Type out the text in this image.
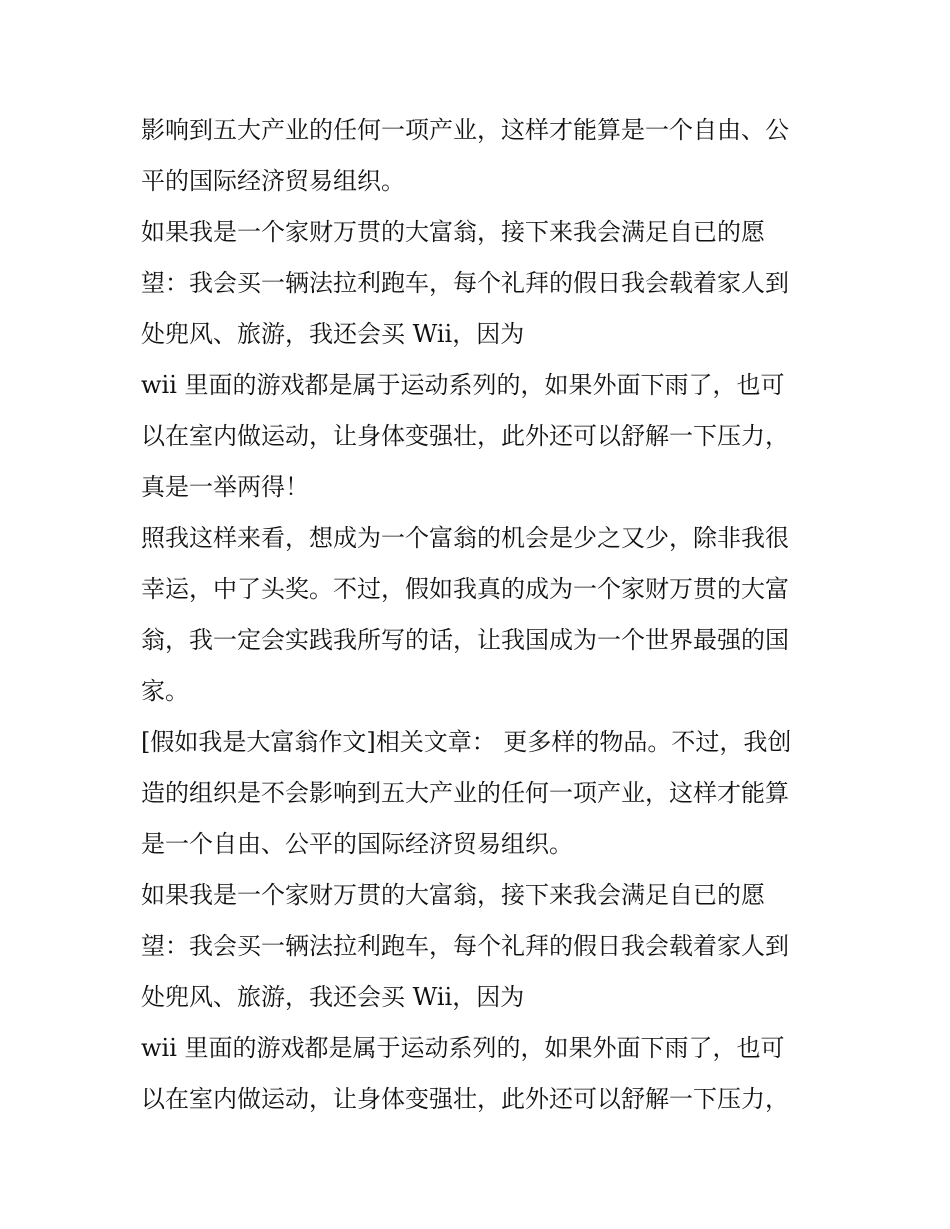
影响到五大产业的任何一项产业，这样才能算是一个自由、公
平的国际经济贸易组织。
如果我是一个家财万贯的大富翁，接下来我会满足自已的愿
望：我会买一辆法拉利跑车，每个礼拜的假日我会载着家人到
处兜风、旅游，我还会买 Wii，因为
wii 里面的游戏都是属于运动系列的，如果外面下雨了，也可
以在室内做运动，让身体变强壮，此外还可以舒解一下压力，
真是一举两得！
照我这样来看，想成为一个富翁的机会是少之又少，除非我很
幸运，中了头奖。不过，假如我真的成为一个家财万贯的大富
翁，我一定会实践我所写的话，让我国成为一个世界最强的国
家。
[假如我是大富翁作文]相关文章： 更多样的物品。不过，我创
造的组织是不会影响到五大产业的任何一项产业，这样才能算
是一个自由、公平的国际经济贸易组织。
如果我是一个家财万贯的大富翁，接下来我会满足自已的愿
望：我会买一辆法拉利跑车，每个礼拜的假日我会载着家人到
处兜风、旅游，我还会买 Wii，因为
wii 里面的游戏都是属于运动系列的，如果外面下雨了，也可
以在室内做运动，让身体变强壮，此外还可以舒解一下压力，
